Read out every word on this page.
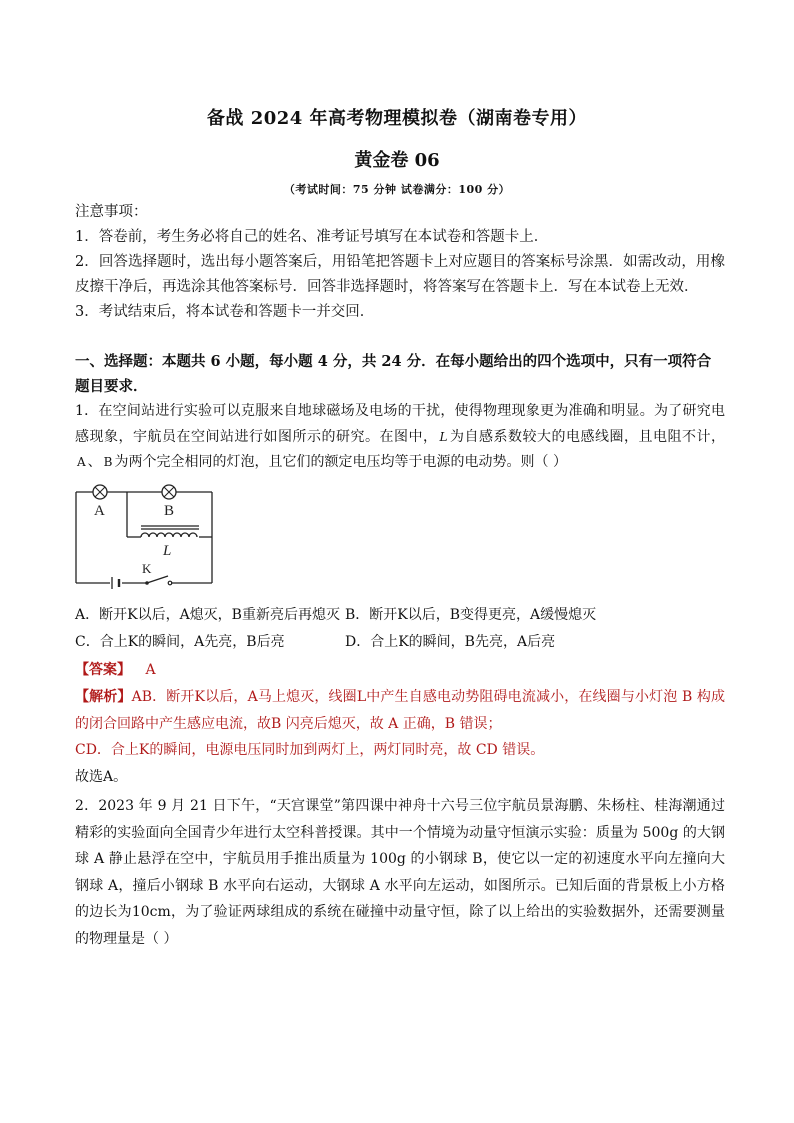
备战 2024 年高考物理模拟卷（湖南卷专用）
黄金卷 06
（考试时间：75 分钟 试卷满分：100 分）

注意事项：

1．答卷前，考生务必将自己的姓名、准考证号填写在本试卷和答题卡上．

2．回答选择题时，选出每小题答案后，用铅笔把答题卡上对应题目的答案标号涂黑．如需改动，用橡皮擦干净后，再选涂其他答案标号．回答非选择题时，将答案写在答题卡上．写在本试卷上无效．

3．考试结束后，将本试卷和答题卡一并交回．

一、选择题：本题共 6 小题，每小题 4 分，共 24 分．在每小题给出的四个选项中，只有一项符合题目要求．
1．在空间站进行实验可以克服来自地球磁场及电场的干扰，使得物理现象更为准确和明显。为了研究电感现象，宇航员在空间站进行如图所示的研究。在图中， L 为自感系数较大的电感线圈，且电阻不计，A 、 B 为两个完全相同的灯泡，且它们的额定电压均等于电源的电动势。则（ ）
A	B
L
K
A．断开K以后，A熄灭，B重新亮后再熄灭 B．断开K以后，B变得更亮，A缓慢熄灭
C．合上K的瞬间，A先亮，B后亮	D．合上K的瞬间，B先亮，A后亮
【答案】 A
【解析】AB．断开K以后，A马上熄灭，线圈L中产生自感电动势阻碍电流减小，在线圈与小灯泡 B 构成的闭合回路中产生感应电流，故B 闪亮后熄灭，故 A 正确，B 错误；
CD．合上K的瞬间，电源电压同时加到两灯上，两灯同时亮，故 CD 错误。
故选A。
2．2023 年 9 月 21 日下午，“天宫课堂”第四课中神舟十六号三位宇航员景海鹏、朱杨柱、桂海潮通过精彩的实验面向全国青少年进行太空科普授课。其中一个情境为动量守恒演示实验：质量为 500g 的大钢球 A 静止悬浮在空中，宇航员用手推出质量为 100g 的小钢球 B，使它以一定的初速度水平向左撞向大钢球 A，撞后小钢球 B 水平向右运动，大钢球 A 水平向左运动，如图所示。已知后面的背景板上小方格的边长为10cm，为了验证两球组成的系统在碰撞中动量守恒，除了以上给出的实验数据外，还需要测量的物理量是（ ）
